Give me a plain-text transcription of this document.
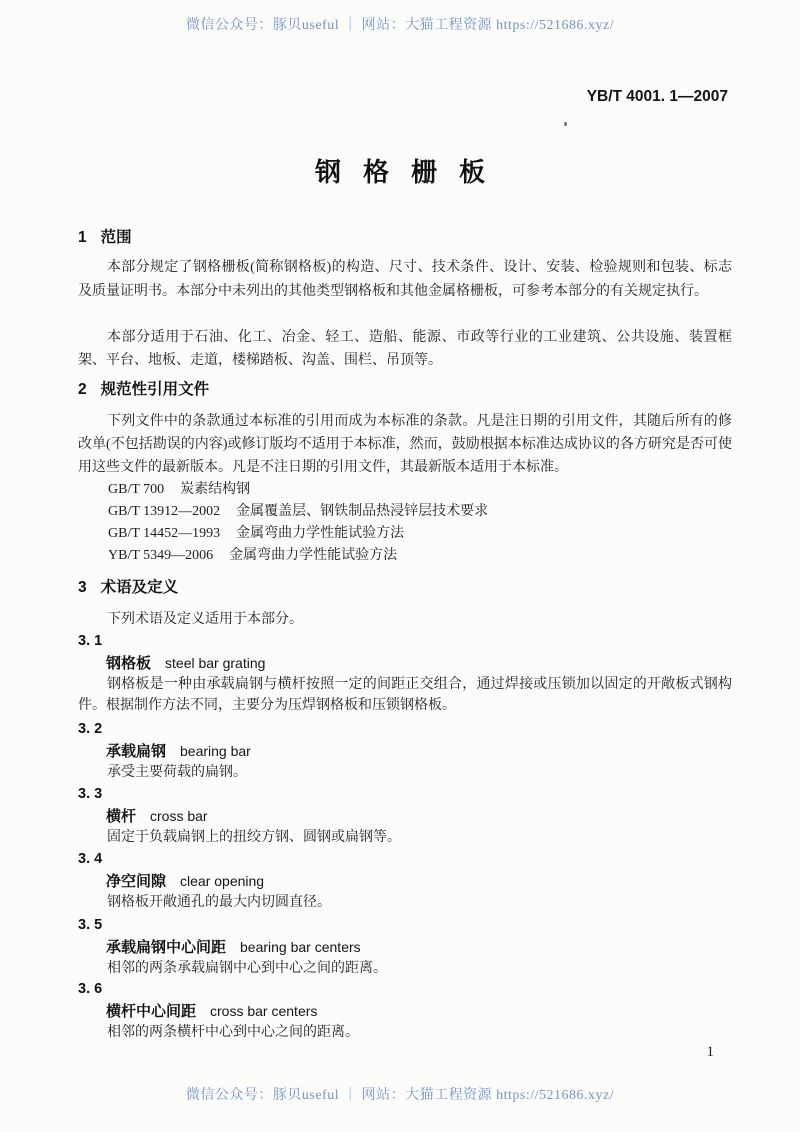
微信公众号：豚贝useful ｜ 网站：大猫工程资源 https://521686.xyz/
YB/T 4001. 1—2007
钢格栅板
1 范围
本部分规定了钢格栅板(简称钢格板)的构造、尺寸、技术条件、设计、安装、检验规则和包装、标志及质量证明书。本部分中未列出的其他类型钢格板和其他金属格栅板，可参考本部分的有关规定执行。
本部分适用于石油、化工、冶金、轻工、造船、能源、市政等行业的工业建筑、公共设施、装置框架、平台、地板、走道，楼梯踏板、沟盖、围栏、吊顶等。
2 规范性引用文件
下列文件中的条款通过本标准的引用而成为本标准的条款。凡是注日期的引用文件，其随后所有的修改单(不包括勘误的内容)或修订版均不适用于本标准，然而，鼓励根据本标准达成协议的各方研究是否可使用这些文件的最新版本。凡是不注日期的引用文件，其最新版本适用于本标准。
GB/T 700 炭素结构钢
GB/T 13912—2002 金属覆盖层、钢铁制品热浸锌层技术要求
GB/T 14452—1993 金属弯曲力学性能试验方法
YB/T 5349—2006 金属弯曲力学性能试验方法
3 术语及定义
下列术语及定义适用于本部分。
3. 1
钢格板 steel bar grating
钢格板是一种由承载扁钢与横杆按照一定的间距正交组合，通过焊接或压锁加以固定的开敞板式钢构件。根据制作方法不同，主要分为压焊钢格板和压锁钢格板。
3. 2
承载扁钢 bearing bar
承受主要荷载的扁钢。
3. 3
横杆 cross bar
固定于负载扁钢上的扭绞方钢、圆钢或扁钢等。
3. 4
净空间隙 clear opening
钢格板开敞通孔的最大内切圆直径。
3. 5
承载扁钢中心间距 bearing bar centers
相邻的两条承载扁钢中心到中心之间的距离。
3. 6
横杆中心间距 cross bar centers
相邻的两条横杆中心到中心之间的距离。
1
微信公众号：豚贝useful ｜ 网站：大猫工程资源 https://521686.xyz/
